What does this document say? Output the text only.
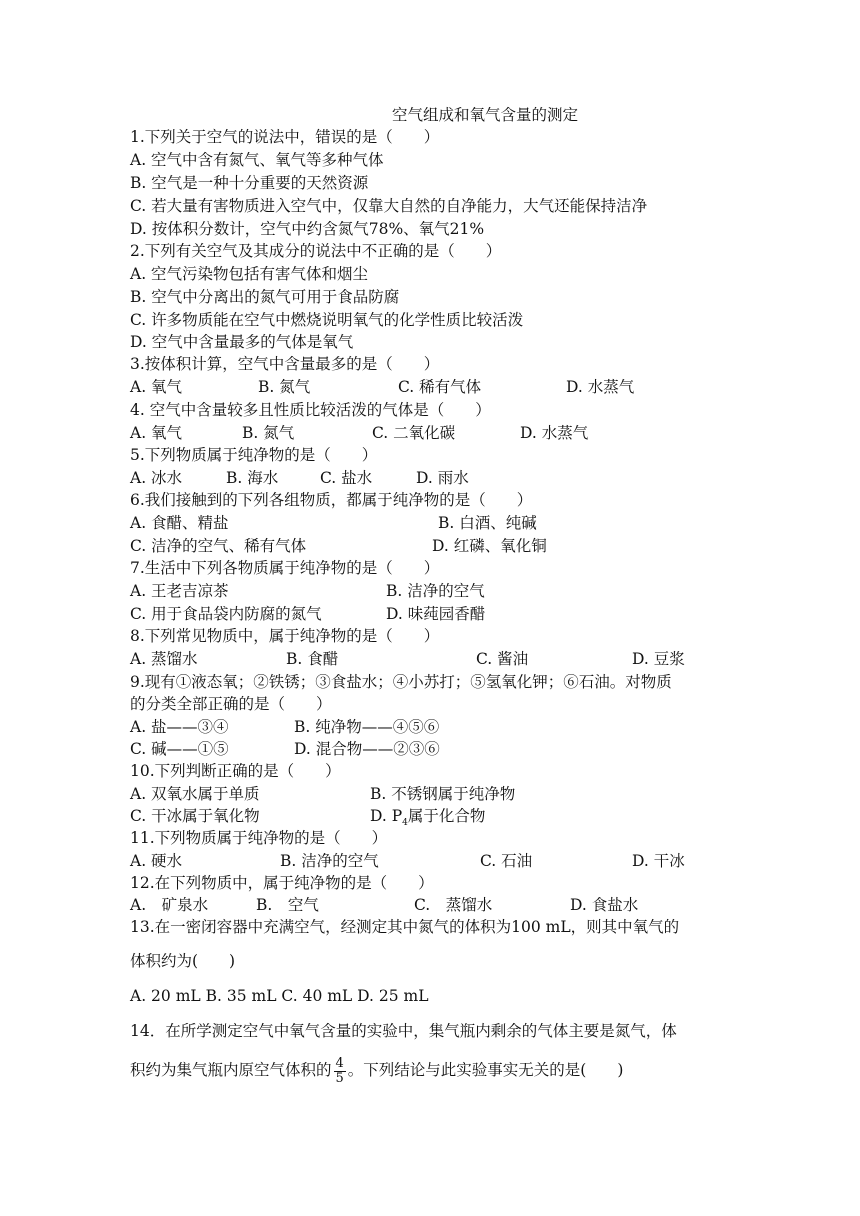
空气组成和氧气含量的测定
1.下列关于空气的说法中，错误的是（　　）
A. 空气中含有氮气、氧气等多种气体
B. 空气是一种十分重要的天然资源
C. 若大量有害物质进入空气中，仅靠大自然的自净能力，大气还能保持洁净
D. 按体积分数计，空气中约含氮气78%、氧气21%
2.下列有关空气及其成分的说法中不正确的是（　　）
A. 空气污染物包括有害气体和烟尘
B. 空气中分离出的氮气可用于食品防腐
C. 许多物质能在空气中燃烧说明氧气的化学性质比较活泼
D. 空气中含量最多的气体是氧气
3.按体积计算，空气中含量最多的是（　　）
A. 氧气	B. 氮气	C. 稀有气体	D. 水蒸气
4. 空气中含量较多且性质比较活泼的气体是（　　）
A. 氧气	B. 氮气	C. 二氧化碳	D. 水蒸气
5.下列物质属于纯净物的是（　　）
A. 冰水	B. 海水	C. 盐水	D. 雨水
6.我们接触到的下列各组物质，都属于纯净物的是（　　）
A. 食醋、精盐	B. 白酒、纯碱
C. 洁净的空气、稀有气体	D. 红磷、氧化铜
7.生活中下列各物质属于纯净物的是（　　）
A. 王老吉凉茶	B. 洁净的空气
C. 用于食品袋内防腐的氮气	D. 味莼园香醋
8.下列常见物质中，属于纯净物的是（　　）
A. 蒸馏水	B. 食醋	C. 酱油	D. 豆浆
9.现有①液态氧；②铁锈；③食盐水；④小苏打；⑤氢氧化钾；⑥石油。对物质
的分类全部正确的是（　　）
A. 盐——③④	B. 纯净物——④⑤⑥
C. 碱——①⑤	D. 混合物——②③⑥
10.下列判断正确的是（　　）
A. 双氧水属于单质	B. 不锈钢属于纯净物
C. 干冰属于氧化物	D. $P_4$属于化合物
11.下列物质属于纯净物的是（　　）
A. 硬水	B. 洁净的空气	C. 石油	D. 干冰
12.在下列物质中，属于纯净物的是（　　）
A.　矿泉水	B.　空气	C.　蒸馏水	D. 食盐水
13.在一密闭容器中充满空气，经测定其中氮气的体积为100 mL，则其中氧气的
体积约为(　　)
A. 20 mL B. 35 mL C. 40 mL D. 25 mL
14．在所学测定空气中氧气含量的实验中，集气瓶内剩余的气体主要是氮气，体
积约为集气瓶内原空气体积的 $\frac{4}{5}$ 。下列结论与此实验事实无关的是(　　)
